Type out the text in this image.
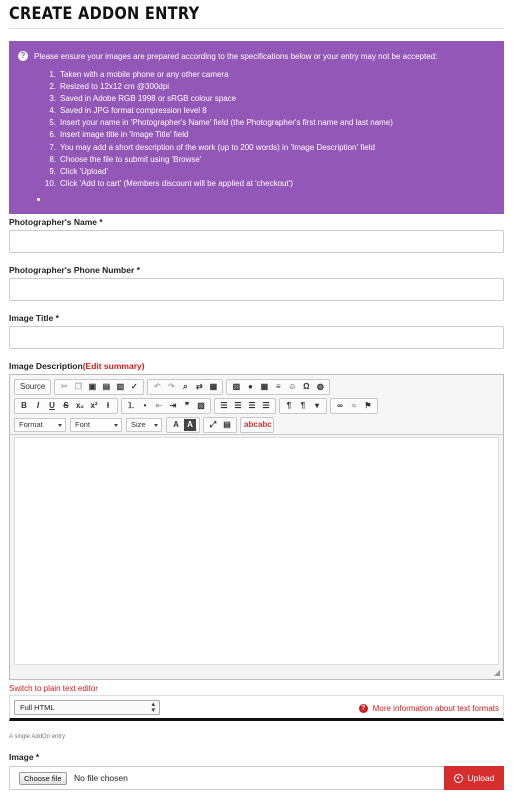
CREATE ADDON ENTRY
?	Please ensure your images are prepared according to the specifications below or your entry may not be accepted:
1. Taken with a mobile phone or any other camera
2. Resized to 12x12 cm @300dpi
3. Saved in Adobe RGB 1998 or sRGB colour space
4. Saved in JPG format compression level 8
5. Insert your name in 'Photographer's Name' field (the Photographer's first name and last name)
6. Insert image title in 'Image Title' field
7. You may add a short description of the work (up to 200 words) in 'Image Description' field
8. Choose the file to submit using 'Browse'
9. Click 'Upload'
10. Click 'Add to cart' (Members discount will be applied at 'checkout')
Photographer's Name *
Photographer's Phone Number *
Image Title *
Image Description(Edit summary)
Source	✂ ❐ ▣ ▤ ▥ ✓	↶ ↷	⌕	⇄ ▦ ▨ ● ▦ ≡ ☺ Ω ◍
B	I	U	S x₂ x²	Ɨ	⒈	•	⇤ ⇥	❞	▧	☰ ☰ ☰ ☰	¶	¶	▾	∞	∝ ⚑
Format	Font	Size	A	A	⤢ ▤ abc abc
Switch to plain text editor
Full HTML	▴
▾	? More information about text formats
A single AddOn entry
Image *
Choose file	No file chosen	Upload
